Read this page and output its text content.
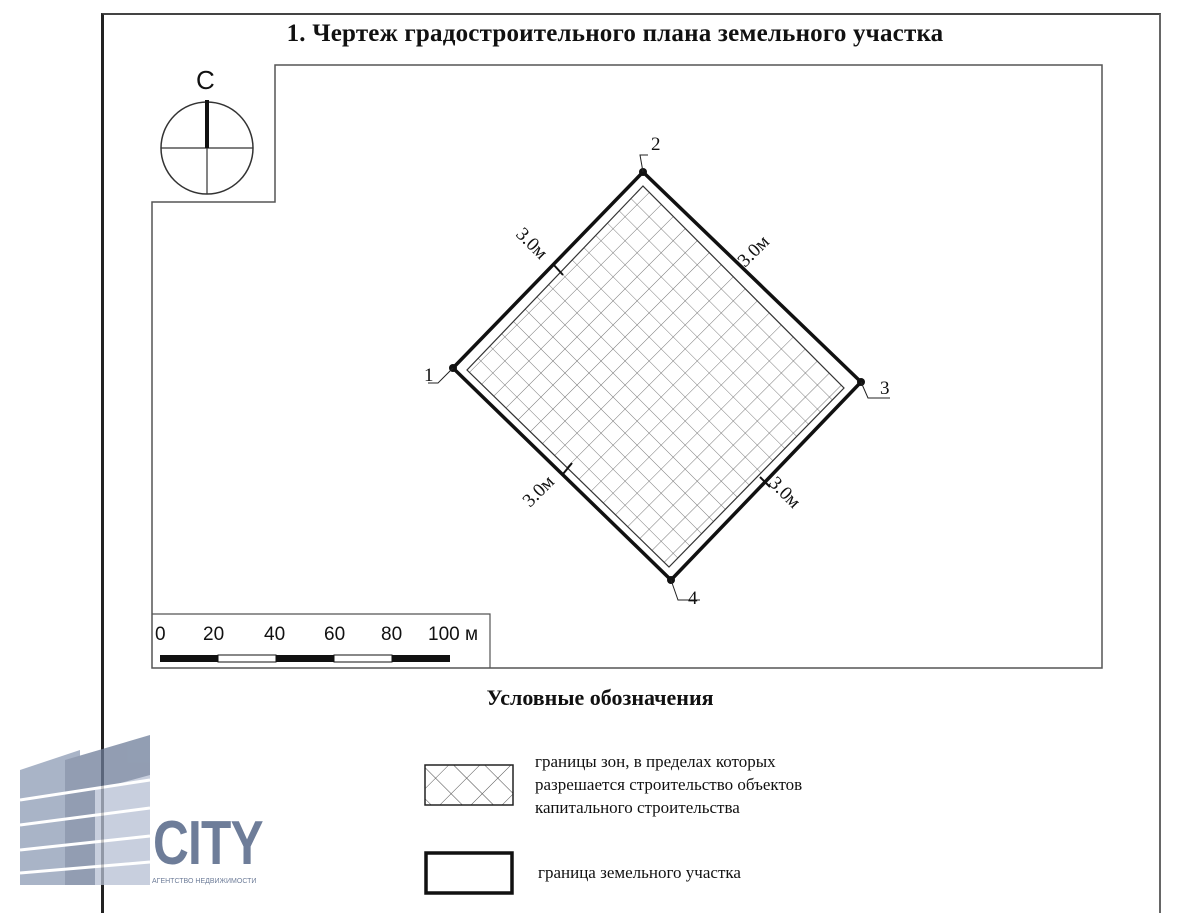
1. Чертеж градостроительного плана земельного участка
С
1
2
3
4
3.0м	3.0м
3.0м	3.0м
0 20 40 60 80 100 м
Условные обозначения
границы зон, в пределах которых
разрешается строительство объектов
капитального строительства
граница земельного участка
CITY
АГЕНТСТВО НЕДВИЖИМОСТИ
